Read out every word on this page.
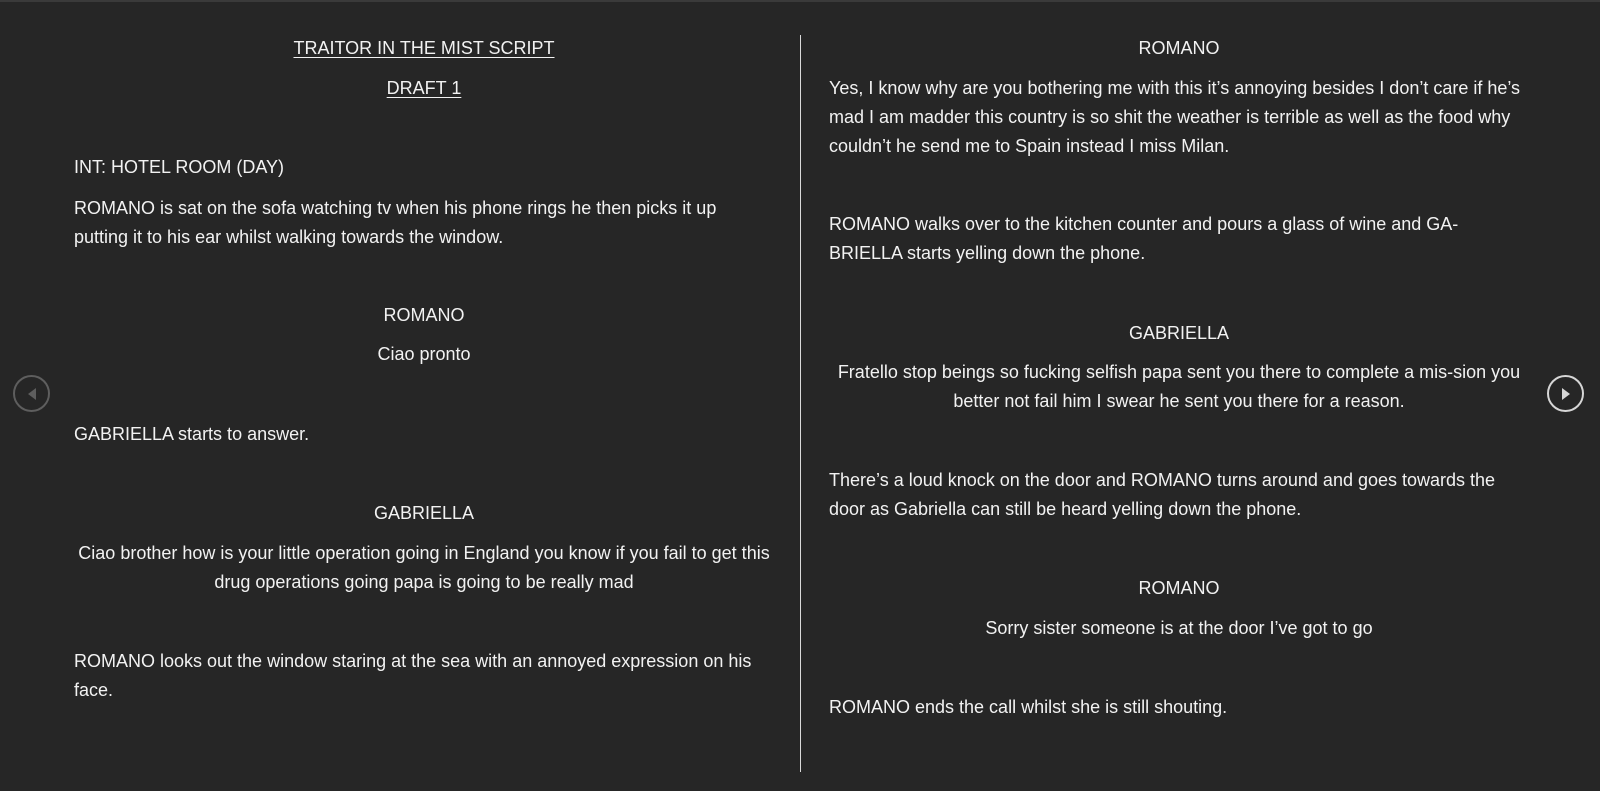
TRAITOR IN THE MIST SCRIPT

DRAFT 1

INT: HOTEL ROOM (DAY)

ROMANO is sat on the sofa watching tv when his phone rings he then picks it up putting it to his ear whilst walking towards the window.

ROMANO

Ciao pronto

GABRIELLA starts to answer.

GABRIELLA

Ciao brother how is your little operation going in England you know if you fail to get this drug operations going papa is going to be really mad

ROMANO looks out the window staring at the sea with an annoyed expression on his face.

ROMANO

Yes, I know why are you bothering me with this it’s annoying besides I don’t care if he’s mad I am madder this country is so shit the weather is terrible as well as the food why couldn’t he send me to Spain instead I miss Milan.

ROMANO walks over to the kitchen counter and pours a glass of wine and GA-BRIELLA starts yelling down the phone.

GABRIELLA

Fratello stop beings so fucking selfish papa sent you there to complete a mis-sion you better not fail him I swear he sent you there for a reason.

There’s a loud knock on the door and ROMANO turns around and goes towards the door as Gabriella can still be heard yelling down the phone.

ROMANO

Sorry sister someone is at the door I’ve got to go

ROMANO ends the call whilst she is still shouting.
